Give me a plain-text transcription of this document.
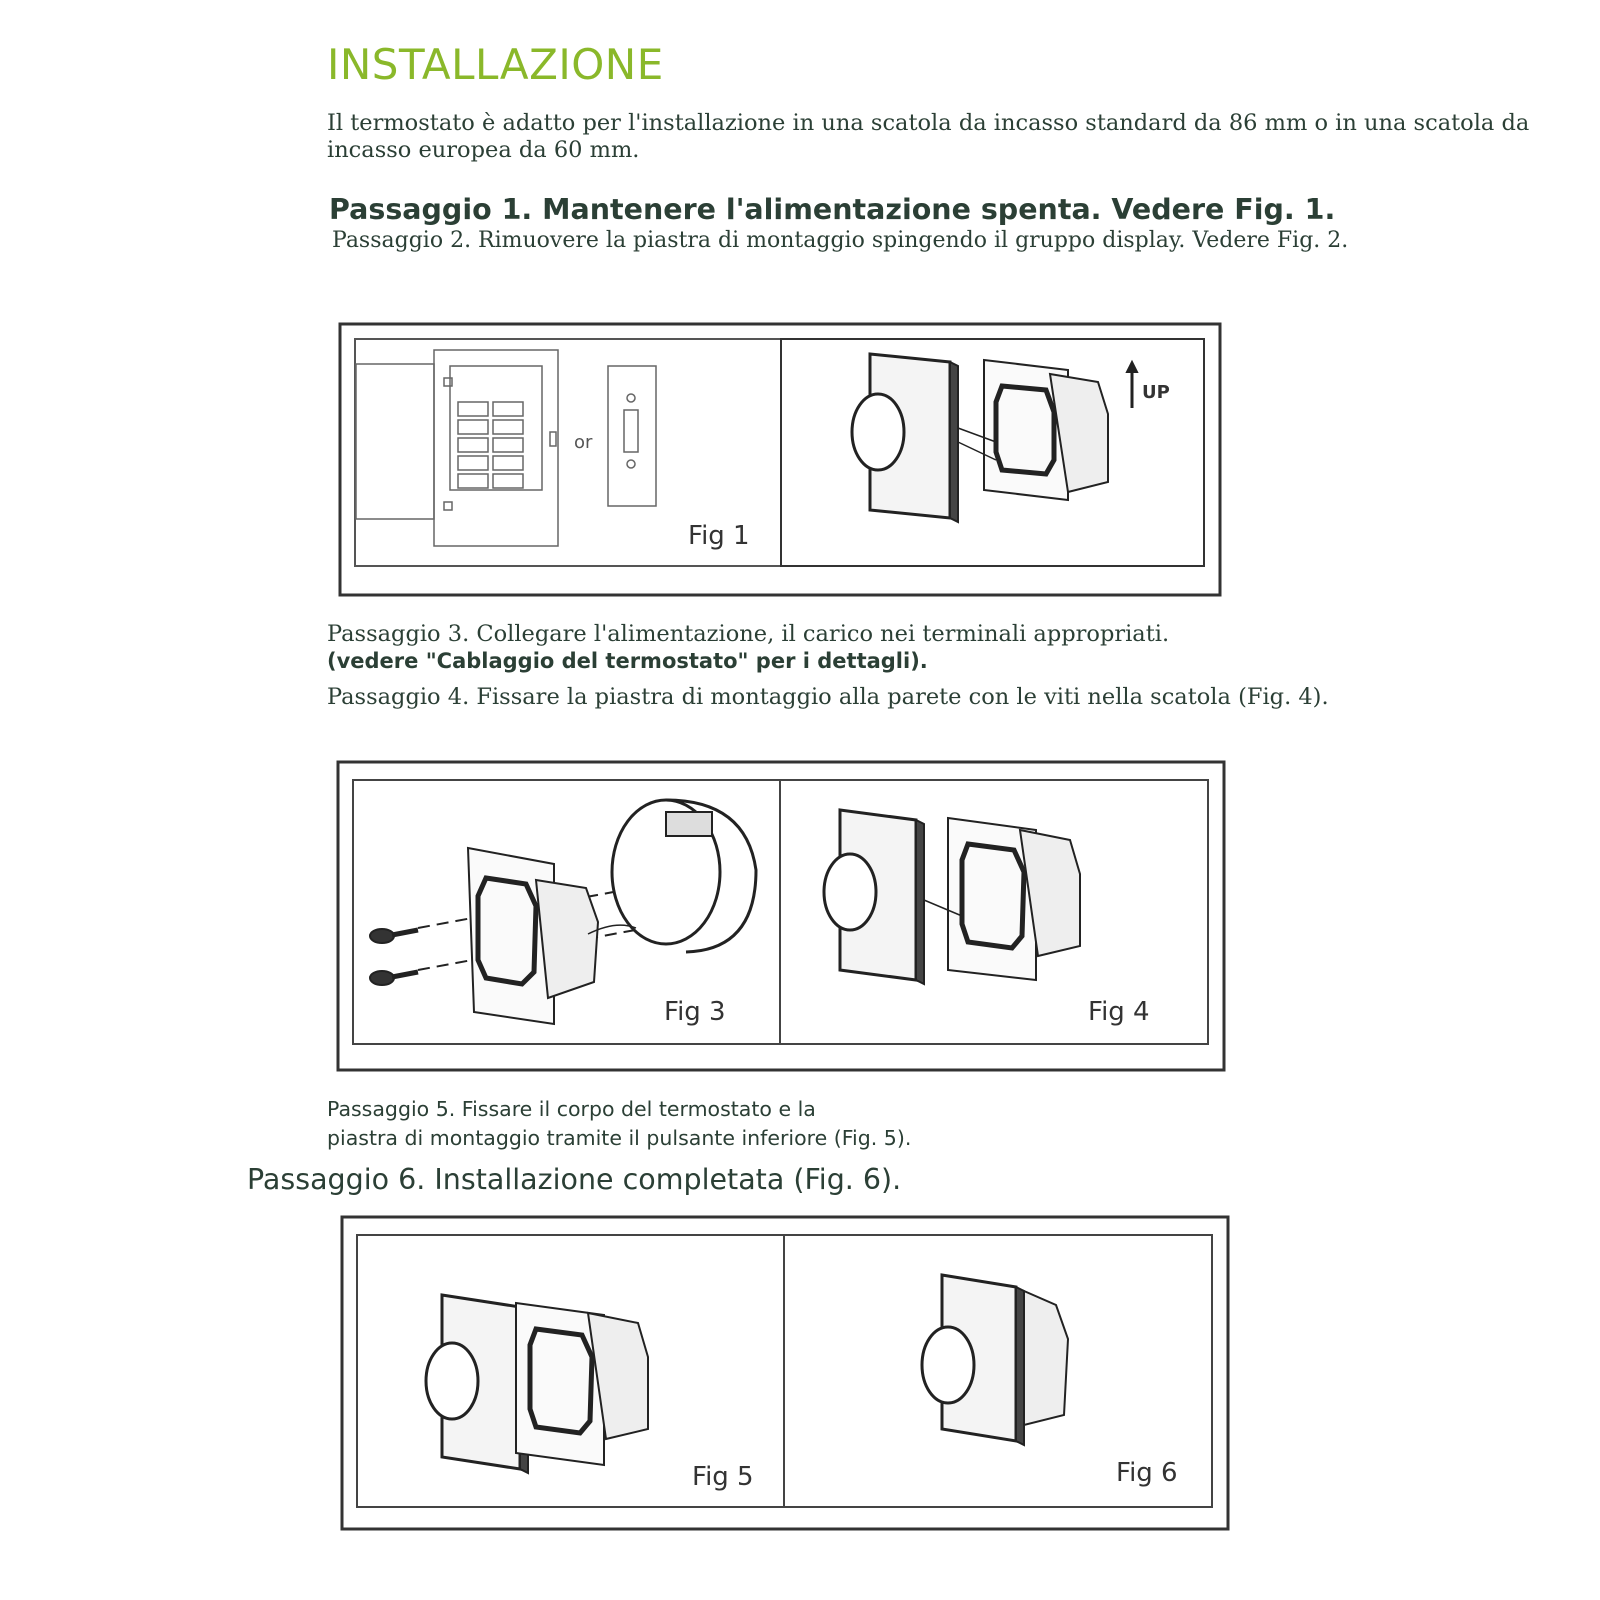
INSTALLAZIONE

Il termostato è adatto per l'installazione in una scatola da incasso standard da 86 mm o in una scatola da incasso europea da 60 mm.

Passaggio 1. Mantenere l'alimentazione spenta. Vedere Fig. 1.

Passaggio 2. Rimuovere la piastra di montaggio spingendo il gruppo display. Vedere Fig. 2.

or
Fig 1
UP

Passaggio 3. Collegare l'alimentazione, il carico nei terminali appropriati.

(vedere "Cablaggio del termostato" per i dettagli).

Passaggio 4. Fissare la piastra di montaggio alla parete con le viti nella scatola (Fig. 4).

Fig 3	Fig 4

Passaggio 5. Fissare il corpo del termostato e la
piastra di montaggio tramite il pulsante inferiore (Fig. 5).

Passaggio 6. Installazione completata (Fig. 6).

Fig 5	Fig 6
